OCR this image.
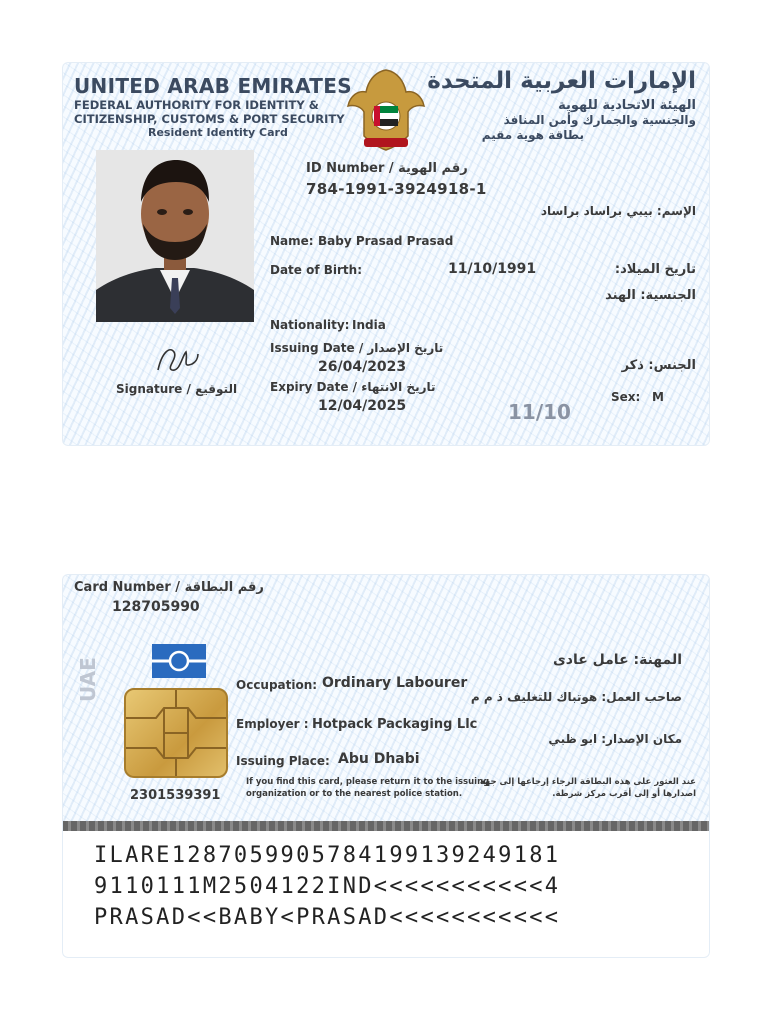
UNITED ARAB EMIRATES
FEDERAL AUTHORITY FOR IDENTITY &
CITIZENSHIP, CUSTOMS & PORT SECURITY
Resident Identity Card
الإمارات العربية المتحدة
الهيئة الاتحادية للهوية
والجنسية والجمارك وأمن المنافذ
بطاقة هوية مقيم
ID Number / رقم الهوية
784-1991-3924918-1
الإسم: بيبي براساد براساد
Name: Baby Prasad Prasad
Date of Birth:	11/10/1991	تاريخ الميلاد:
الجنسية: الهند
Nationality: India
Issuing Date / تاريخ الإصدار
26/04/2023
Expiry Date / تاريخ الانتهاء
12/04/2025
الجنس: ذكر
Sex: M
11/10
Signature / التوقيع
Card Number / رقم البطاقة
128705990
UAE
2301539391
المهنة: عامل عادى
Occupation: Ordinary Labourer
صاحب العمل: هوتباك للتغليف ذ م م
Employer : Hotpack Packaging Llc
مكان الإصدار: ابو ظبي
Issuing Place: Abu Dhabi
If you find this card, please return it to the issuing
organization or to the nearest police station.
عند العثور على هذه البطاقة الرجاء إرجاعها إلى جهة
اصدارها أو إلى أقرب مركز شرطة.
ILARE1287059905784199139249181
9110111M2504122IND<<<<<<<<<<<4
PRASAD<<BABY<PRASAD<<<<<<<<<<<
